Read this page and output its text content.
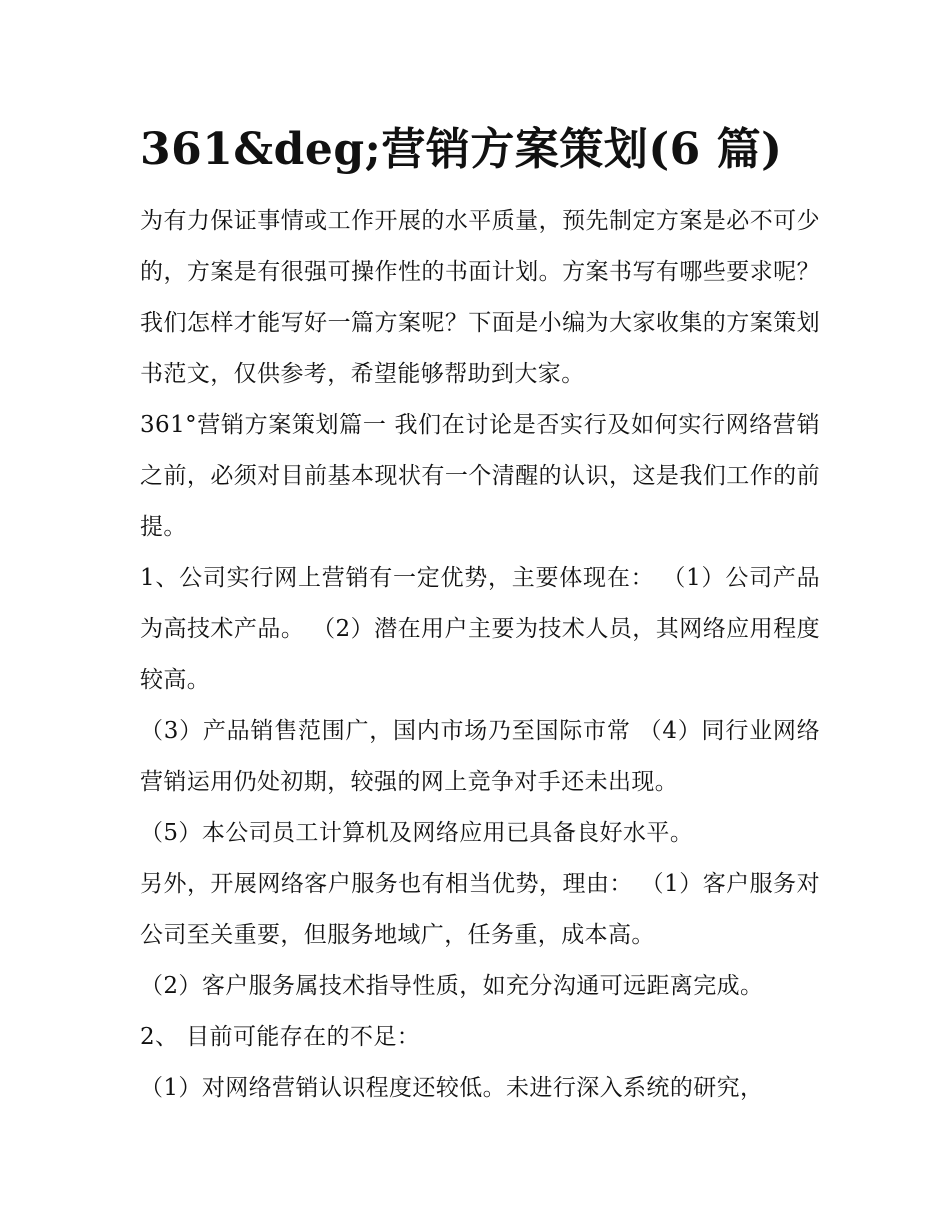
361&deg;营销方案策划(6 篇)

为有力保证事情或工作开展的水平质量，预先制定方案是必不可少的，方案是有很强可操作性的书面计划。方案书写有哪些要求呢？我们怎样才能写好一篇方案呢？下面是小编为大家收集的方案策划书范文，仅供参考，希望能够帮助到大家。

361°营销方案策划篇一 我们在讨论是否实行及如何实行网络营销之前，必须对目前基本现状有一个清醒的认识，这是我们工作的前提。

1、公司实行网上营销有一定优势，主要体现在： （1）公司产品为高技术产品。 （2）潜在用户主要为技术人员，其网络应用程度较高。

（3）产品销售范围广，国内市场乃至国际市常 （4）同行业网络营销运用仍处初期，较强的网上竞争对手还未出现。

（5）本公司员工计算机及网络应用已具备良好水平。

另外，开展网络客户服务也有相当优势，理由： （1）客户服务对公司至关重要，但服务地域广，任务重，成本高。

（2）客户服务属技术指导性质，如充分沟通可远距离完成。

2、 目前可能存在的不足：

（1）对网络营销认识程度还较低。未进行深入系统的研究，
